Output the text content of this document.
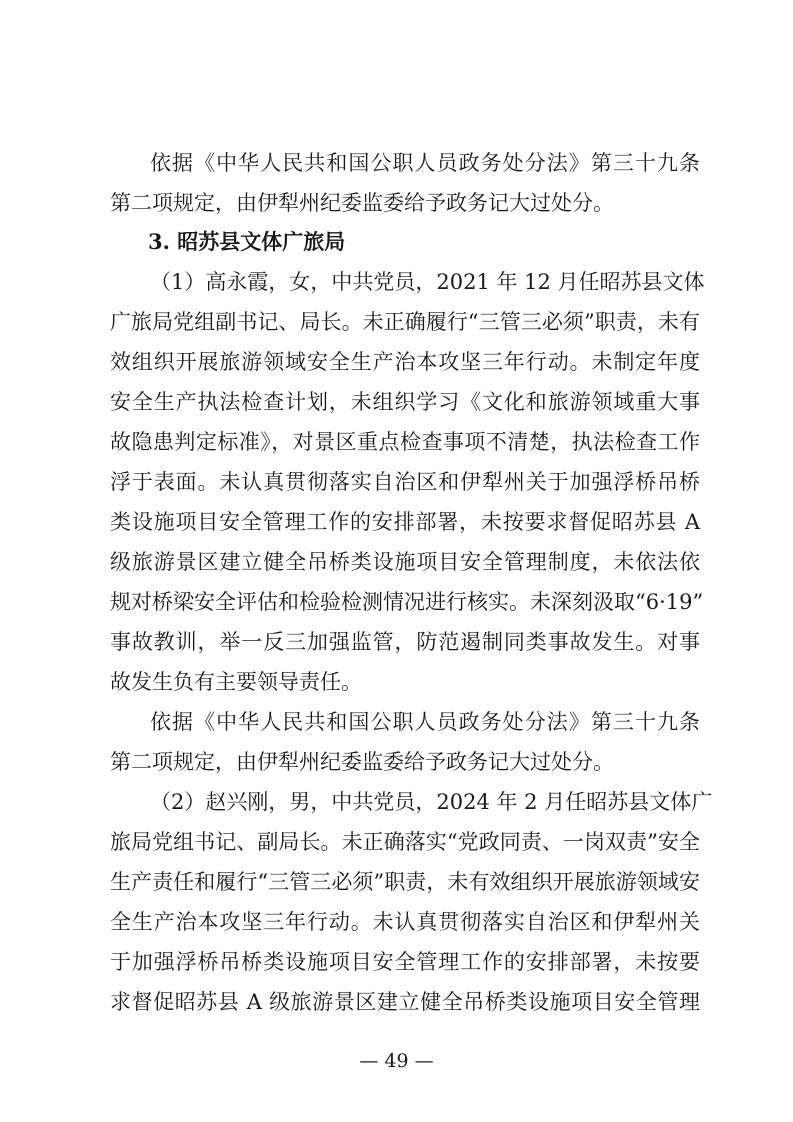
依据《中华人民共和国公职人员政务处分法》第三十九条
第二项规定，由伊犁州纪委监委给予政务记大过处分。
3. 昭苏县文体广旅局
（1）高永霞，女，中共党员，2021 年 12 月任昭苏县文体
广旅局党组副书记、局长。未正确履行“三管三必须”职责，未有
效组织开展旅游领域安全生产治本攻坚三年行动。未制定年度
安全生产执法检查计划，未组织学习《文化和旅游领域重大事
故隐患判定标准》，对景区重点检查事项不清楚，执法检查工作
浮于表面。未认真贯彻落实自治区和伊犁州关于加强浮桥吊桥
类设施项目安全管理工作的安排部署，未按要求督促昭苏县 A
级旅游景区建立健全吊桥类设施项目安全管理制度，未依法依
规对桥梁安全评估和检验检测情况进行核实。未深刻汲取“6·19”
事故教训，举一反三加强监管，防范遏制同类事故发生。对事
故发生负有主要领导责任。
依据《中华人民共和国公职人员政务处分法》第三十九条
第二项规定，由伊犁州纪委监委给予政务记大过处分。
（2）赵兴刚，男，中共党员，2024 年 2 月任昭苏县文体广
旅局党组书记、副局长。未正确落实“党政同责、一岗双责”安全
生产责任和履行“三管三必须”职责，未有效组织开展旅游领域安
全生产治本攻坚三年行动。未认真贯彻落实自治区和伊犁州关
于加强浮桥吊桥类设施项目安全管理工作的安排部署，未按要
求督促昭苏县 A 级旅游景区建立健全吊桥类设施项目安全管理
— 49 —
